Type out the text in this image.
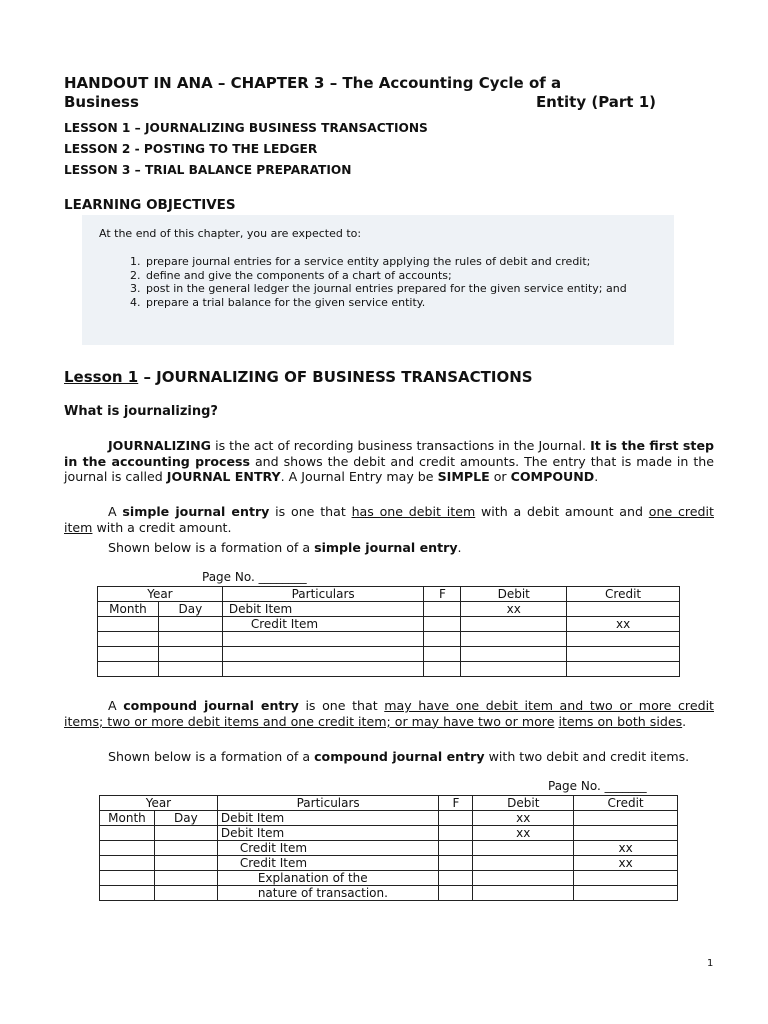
HANDOUT IN ANA – CHAPTER 3 – The Accounting Cycle of a
Business	Entity (Part 1)
LESSON 1 – JOURNALIZING BUSINESS TRANSACTIONS
LESSON 2 - POSTING TO THE LEDGER
LESSON 3 – TRIAL BALANCE PREPARATION
LEARNING OBJECTIVES
At the end of this chapter, you are expected to:
1. prepare journal entries for a service entity applying the rules of debit and credit;
2. define and give the components of a chart of accounts;
3. post in the general ledger the journal entries prepared for the given service entity; and
4. prepare a trial balance for the given service entity.
Lesson 1 – JOURNALIZING OF BUSINESS TRANSACTIONS
What is journalizing?
JOURNALIZING is the act of recording business transactions in the Journal. It is the first step in the accounting process and shows the debit and credit amounts. The entry that is made in the journal is called JOURNAL ENTRY. A Journal Entry may be SIMPLE or COMPOUND.
A simple journal entry is one that has one debit item with a debit amount and one credit item with a credit amount.
Shown below is a formation of a simple journal entry.
Page No. ________
Year		Particulars	F	Debit	Credit
Month	Day	Debit Item		xx	
		Credit Item			xx

A compound journal entry is one that may have one debit item and two or more credit items; two or more debit items and one credit item; or may have two or more items on both sides.
Shown below is a formation of a compound journal entry with two debit and credit items.
Page No. _______
Year		Particulars	F	Debit	Credit
Month	Day	Debit Item		xx	
		Debit Item		xx	
		Credit Item			xx
		Credit Item			xx
		Explanation of the			
		nature of transaction.			
1
